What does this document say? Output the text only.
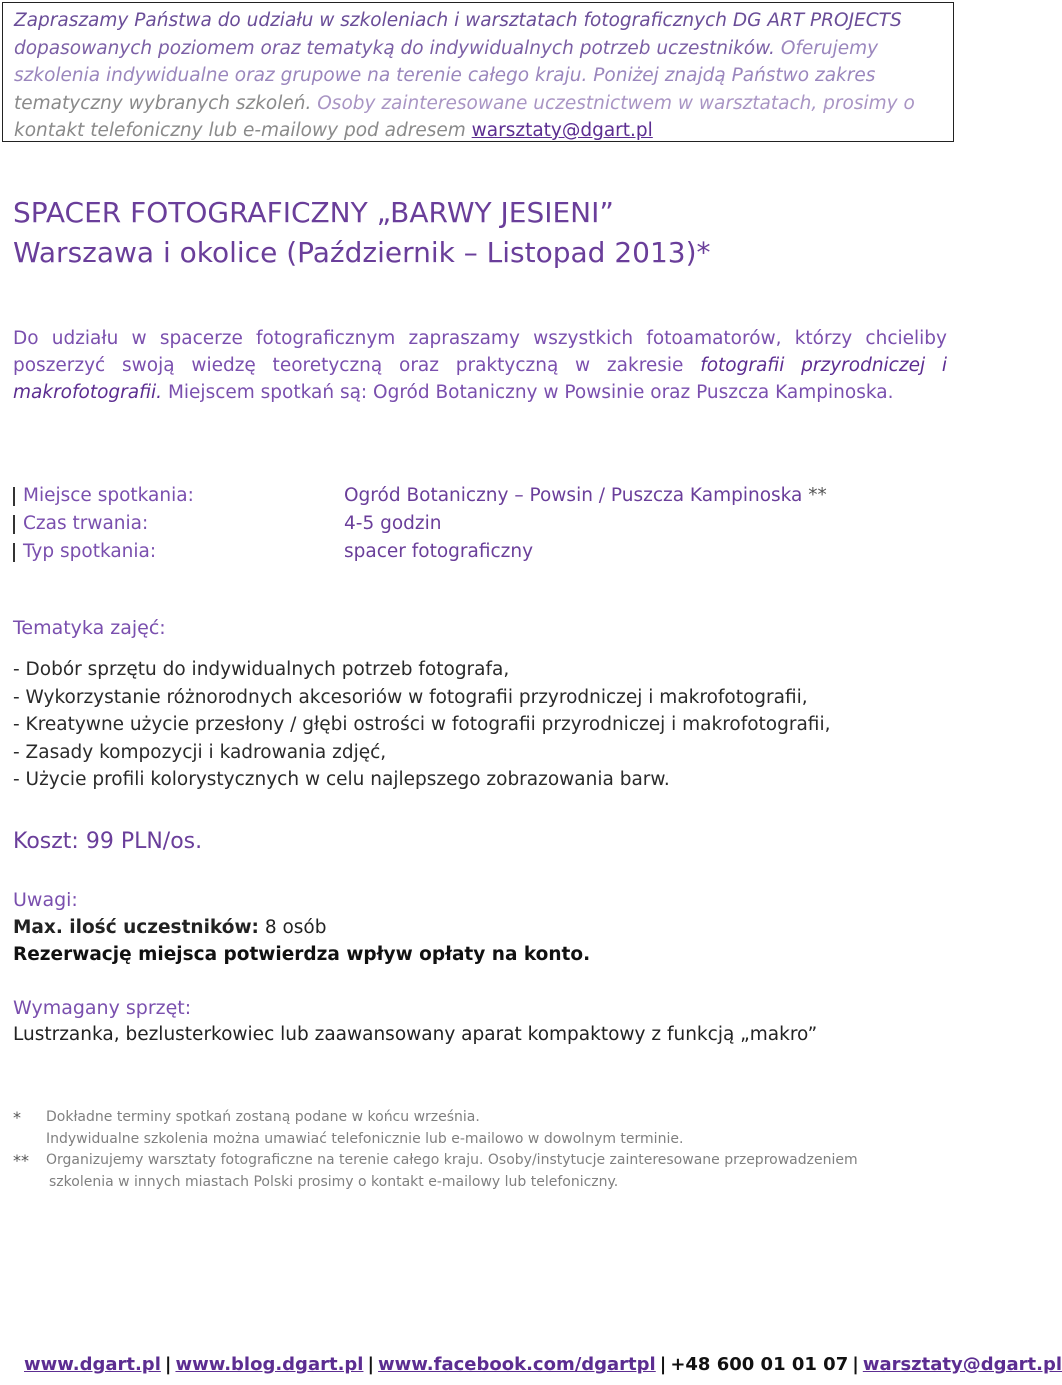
Zapraszamy Państwa do udziału w szkoleniach i warsztatach fotograficznych DG ART PROJECTS
dopasowanych poziomem oraz tematyką do indywidualnych potrzeb uczestników. Oferujemy
szkolenia indywidualne oraz grupowe na terenie całego kraju. Poniżej znajdą Państwo zakres
tematyczny wybranych szkoleń. Osoby zainteresowane uczestnictwem w warsztatach, prosimy o
kontakt telefoniczny lub e-mailowy pod adresem warsztaty@dgart.pl
SPACER FOTOGRAFICZNY „BARWY JESIENI”
Warszawa i okolice (Październik – Listopad 2013)*
Do udziału w spacerze fotograficznym zapraszamy wszystkich fotoamatorów, którzy chcieliby poszerzyć swoją wiedzę teoretyczną oraz praktyczną w zakresie fotografii przyrodniczej i makrofotografii. Miejscem spotkań są: Ogród Botaniczny w Powsinie oraz Puszcza Kampinoska.
Miejsce spotkania:	Ogród Botaniczny – Powsin / Puszcza Kampinoska **
Czas trwania:	4-5 godzin
Typ spotkania:	spacer fotograficzny
Tematyka zajęć:
- Dobór sprzętu do indywidualnych potrzeb fotografa,
- Wykorzystanie różnorodnych akcesoriów w fotografii przyrodniczej i makrofotografii,
- Kreatywne użycie przesłony / głębi ostrości w fotografii przyrodniczej i makrofotografii,
- Zasady kompozycji i kadrowania zdjęć,
- Użycie profili kolorystycznych w celu najlepszego zobrazowania barw.
Koszt: 99 PLN/os.
Uwagi:
Max. ilość uczestników: 8 osób
Rezerwację miejsca potwierdza wpływ opłaty na konto.
Wymagany sprzęt:
Lustrzanka, bezlusterkowiec lub zaawansowany aparat kompaktowy z funkcją „makro”
* Dokładne terminy spotkań zostaną podane w końcu września.
Indywidualne szkolenia można umawiać telefonicznie lub e-mailowo w dowolnym terminie.
** Organizujemy warsztaty fotograficzne na terenie całego kraju. Osoby/instytucje zainteresowane przeprowadzeniem
szkolenia w innych miastach Polski prosimy o kontakt e-mailowy lub telefoniczny.
www.dgart.pl | www.blog.dgart.pl | www.facebook.com/dgartpl | +48 600 01 01 07 | warsztaty@dgart.pl
